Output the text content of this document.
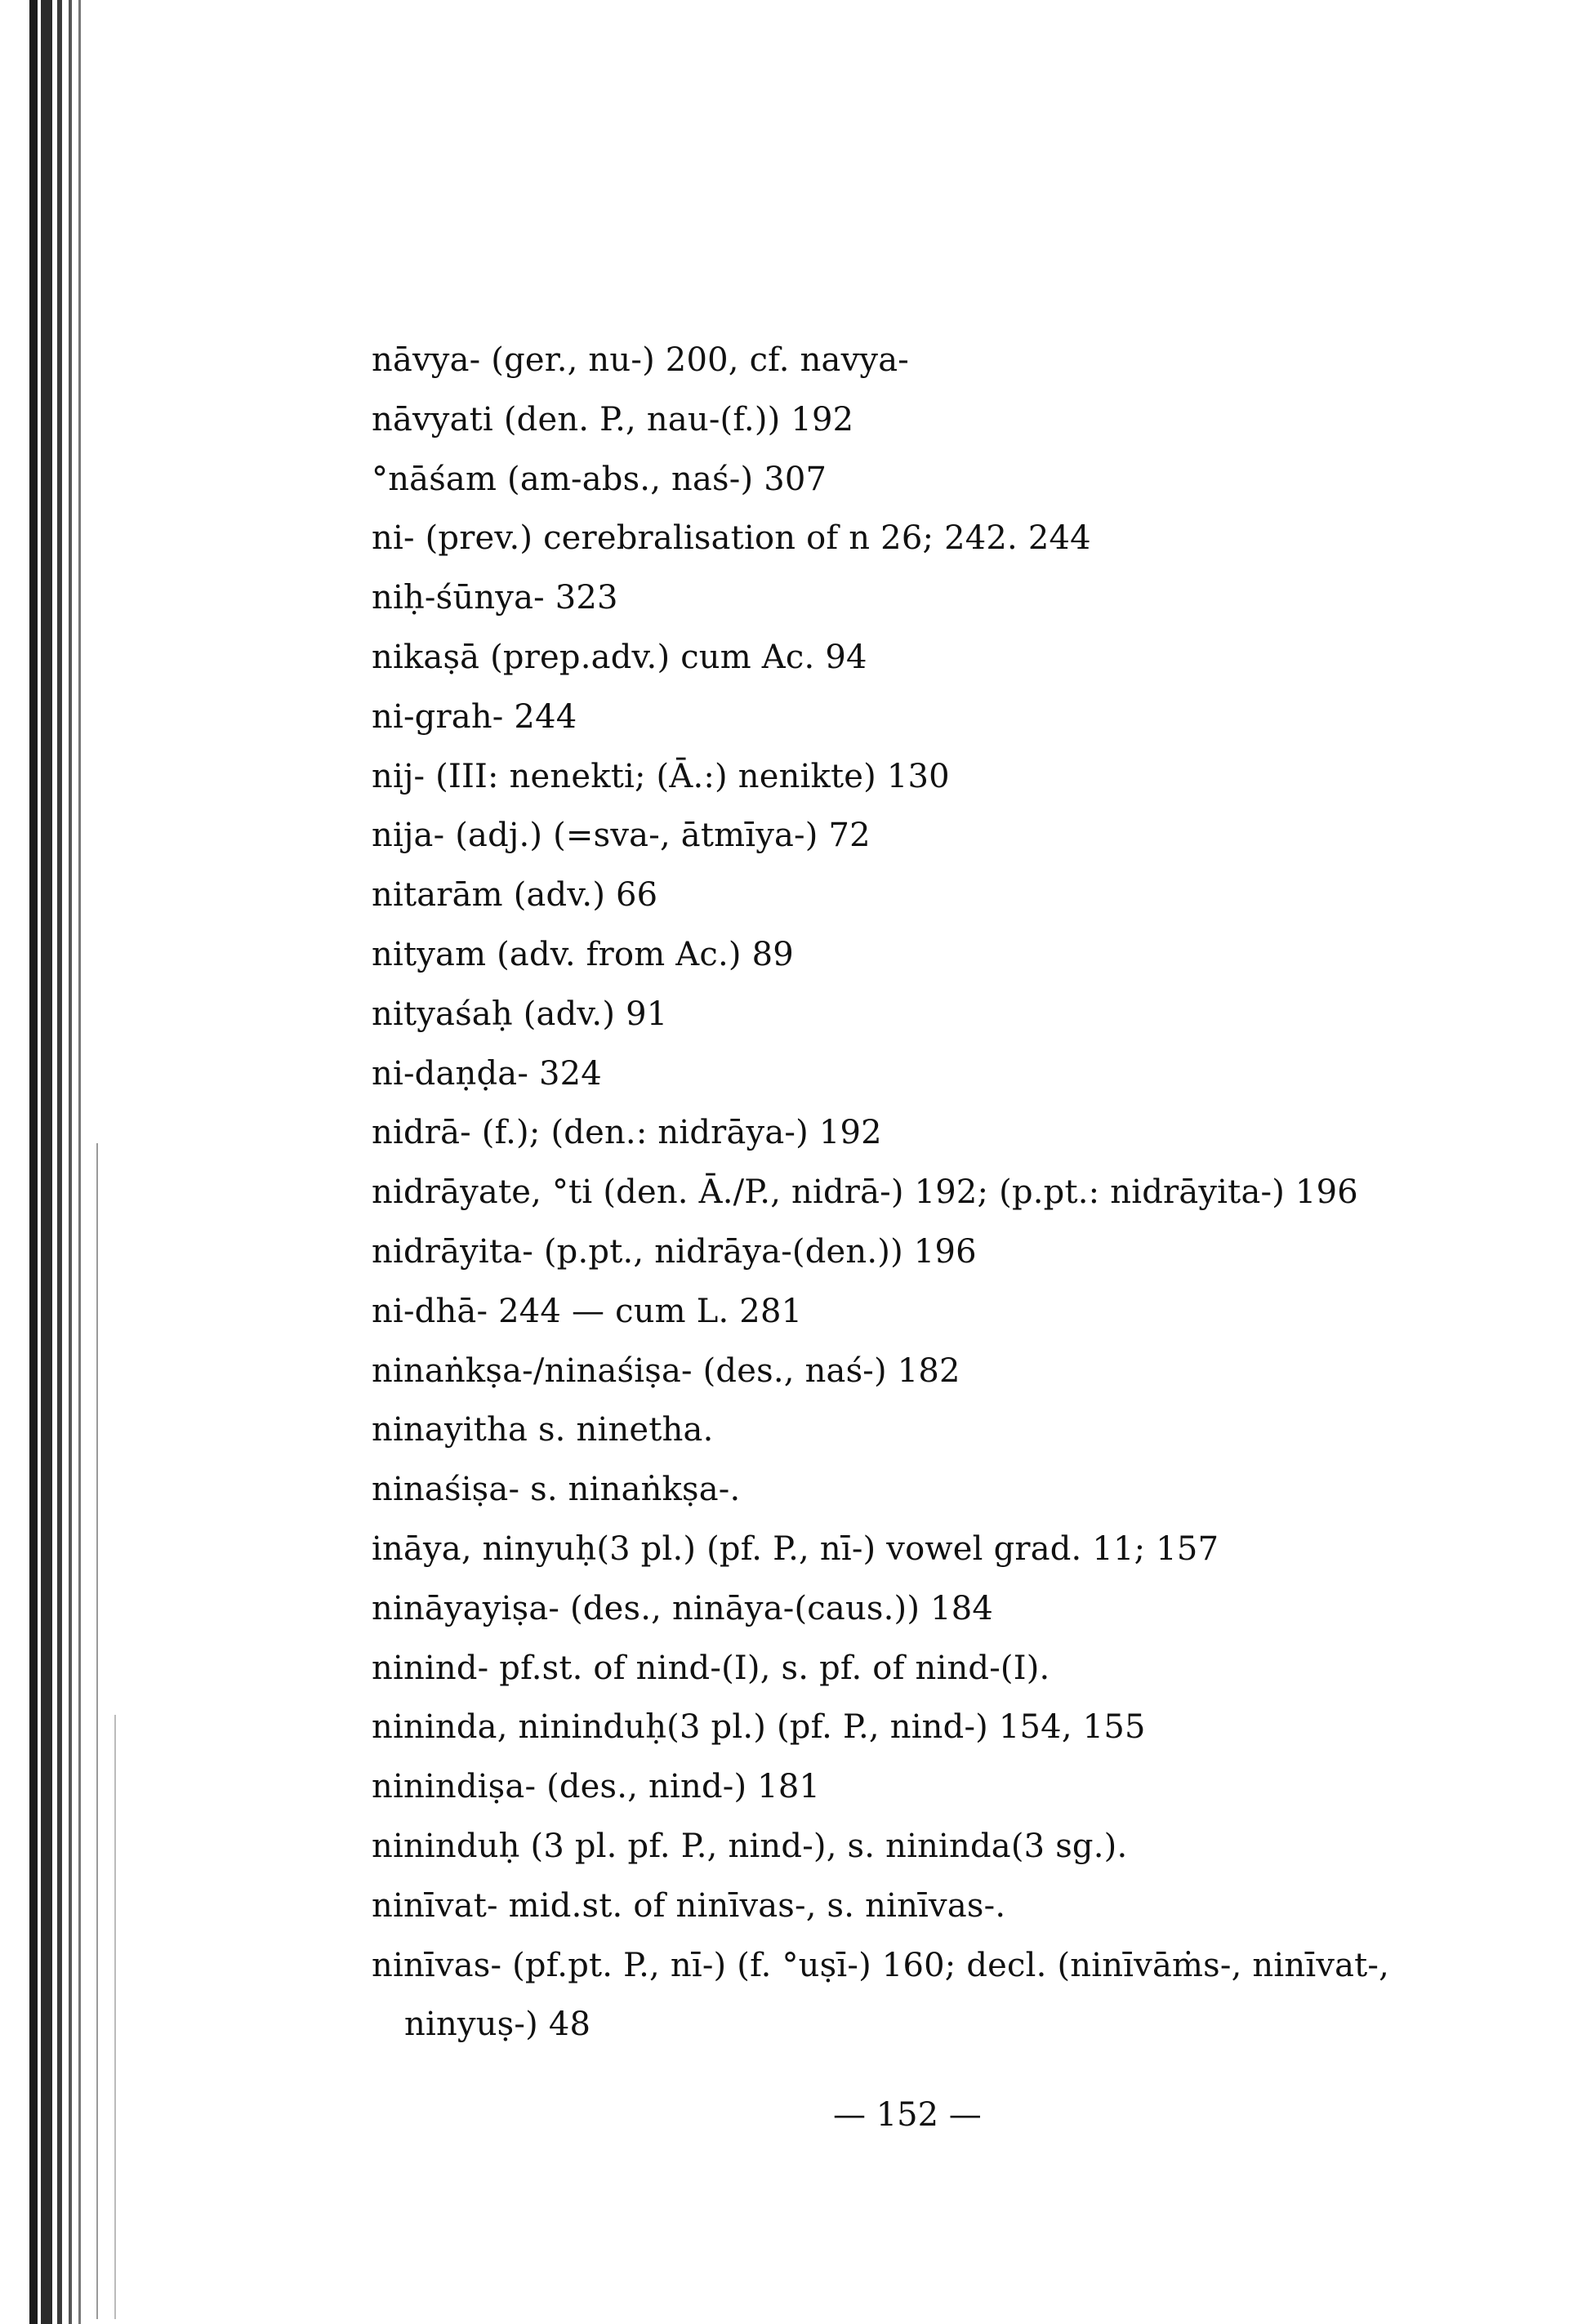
nāvya- (ger., nu-) 200, cf. navya-
nāvyati (den. P., nau-(f.)) 192
°nāśam (am-abs., naś-) 307
ni- (prev.) cerebralisation of n 26; 242. 244
niḥ-śūnya- 323
nikaṣā (prep.adv.) cum Ac. 94
ni-grah- 244
nij- (III: nenekti; (Ā.:) nenikte) 130
nija- (adj.) (=sva-, ātmīya-) 72
nitarām (adv.) 66
nityam (adv. from Ac.) 89
nityaśaḥ (adv.) 91
ni-daṇḍa- 324
nidrā- (f.); (den.: nidrāya-) 192
nidrāyate, °ti (den. Ā./P., nidrā-) 192; (p.pt.: nidrāyita-) 196
nidrāyita- (p.pt., nidrāya-(den.)) 196
ni-dhā- 244 — cum L. 281
ninaṅkṣa-/ninaśiṣa- (des., naś-) 182
ninayitha s. ninetha.
ninaśiṣa- s. ninaṅkṣa-.
ināya, ninyuḥ(3 pl.) (pf. P., nī-) vowel grad. 11; 157
nināyayiṣa- (des., nināya-(caus.)) 184
ninind- pf.st. of nind-(I), s. pf. of nind-(I).
nininda, nininduḥ(3 pl.) (pf. P., nind-) 154, 155
ninindiṣa- (des., nind-) 181
nininduḥ (3 pl. pf. P., nind-), s. nininda(3 sg.).
ninīvat- mid.st. of ninīvas-, s. ninīvas-.
ninīvas- (pf.pt. P., nī-) (f. °uṣī-) 160; decl. (ninīvāṁs-, ninīvat-,
ninyuṣ-) 48
— 152 —
